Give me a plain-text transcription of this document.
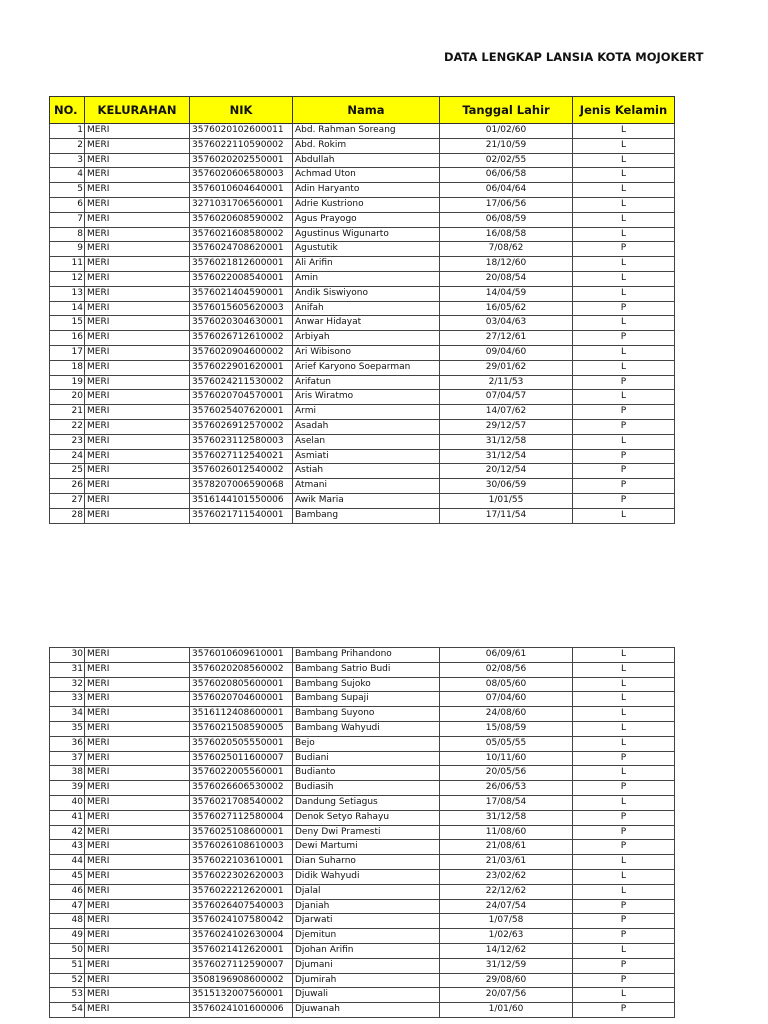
DATA LENGKAP LANSIA KOTA MOJOKERT
NO.	KELURAHAN	NIK	Nama	Tanggal Lahir	Jenis Kelamin
1	MERI	3576020102600011	Abd. Rahman Soreang	01/02/60	L
2	MERI	3576022110590002	Abd. Rokim	21/10/59	L
3	MERI	3576020202550001	Abdullah	02/02/55	L
4	MERI	3576020606580003	Achmad Uton	06/06/58	L
5	MERI	3576010604640001	Adin Haryanto	06/04/64	L
6	MERI	3271031706560001	Adrie Kustriono	17/06/56	L
7	MERI	3576020608590002	Agus Prayogo	06/08/59	L
8	MERI	3576021608580002	Agustinus Wigunarto	16/08/58	L
9	MERI	3576024708620001	Agustutik	7/08/62	P
11	MERI	3576021812600001	Ali Arifin	18/12/60	L
12	MERI	3576022008540001	Amin	20/08/54	L
13	MERI	3576021404590001	Andik Siswiyono	14/04/59	L
14	MERI	3576015605620003	Anifah	16/05/62	P
15	MERI	3576020304630001	Anwar Hidayat	03/04/63	L
16	MERI	3576026712610002	Arbiyah	27/12/61	P
17	MERI	3576020904600002	Ari Wibisono	09/04/60	L
18	MERI	3576022901620001	Arief Karyono Soeparman	29/01/62	L
19	MERI	3576024211530002	Arifatun	2/11/53	P
20	MERI	3576020704570001	Aris Wiratmo	07/04/57	L
21	MERI	3576025407620001	Armi	14/07/62	P
22	MERI	3576026912570002	Asadah	29/12/57	P
23	MERI	3576023112580003	Aselan	31/12/58	L
24	MERI	3576027112540021	Asmiati	31/12/54	P
25	MERI	3576026012540002	Astiah	20/12/54	P
26	MERI	3578207006590068	Atmani	30/06/59	P
27	MERI	3516144101550006	Awik Maria	1/01/55	P
28	MERI	3576021711540001	Bambang	17/11/54	L
30	MERI	3576010609610001	Bambang Prihandono	06/09/61	L
31	MERI	3576020208560002	Bambang Satrio Budi	02/08/56	L
32	MERI	3576020805600001	Bambang Sujoko	08/05/60	L
33	MERI	3576020704600001	Bambang Supaji	07/04/60	L
34	MERI	3516112408600001	Bambang Suyono	24/08/60	L
35	MERI	3576021508590005	Bambang Wahyudi	15/08/59	L
36	MERI	3576020505550001	Bejo	05/05/55	L
37	MERI	3576025011600007	Budiani	10/11/60	P
38	MERI	3576022005560001	Budianto	20/05/56	L
39	MERI	3576026606530002	Budiasih	26/06/53	P
40	MERI	3576021708540002	Dandung Setiagus	17/08/54	L
41	MERI	3576027112580004	Denok Setyo Rahayu	31/12/58	P
42	MERI	3576025108600001	Deny Dwi Pramesti	11/08/60	P
43	MERI	3576026108610003	Dewi Martumi	21/08/61	P
44	MERI	3576022103610001	Dian Suharno	21/03/61	L
45	MERI	3576022302620003	Didik Wahyudi	23/02/62	L
46	MERI	3576022212620001	Djalal	22/12/62	L
47	MERI	3576026407540003	Djaniah	24/07/54	P
48	MERI	3576024107580042	Djarwati	1/07/58	P
49	MERI	3576024102630004	Djemitun	1/02/63	P
50	MERI	3576021412620001	Djohan Arifin	14/12/62	L
51	MERI	3576027112590007	Djumani	31/12/59	P
52	MERI	3508196908600002	Djumirah	29/08/60	P
53	MERI	3515132007560001	Djuwali	20/07/56	L
54	MERI	3576024101600006	Djuwanah	1/01/60	P
